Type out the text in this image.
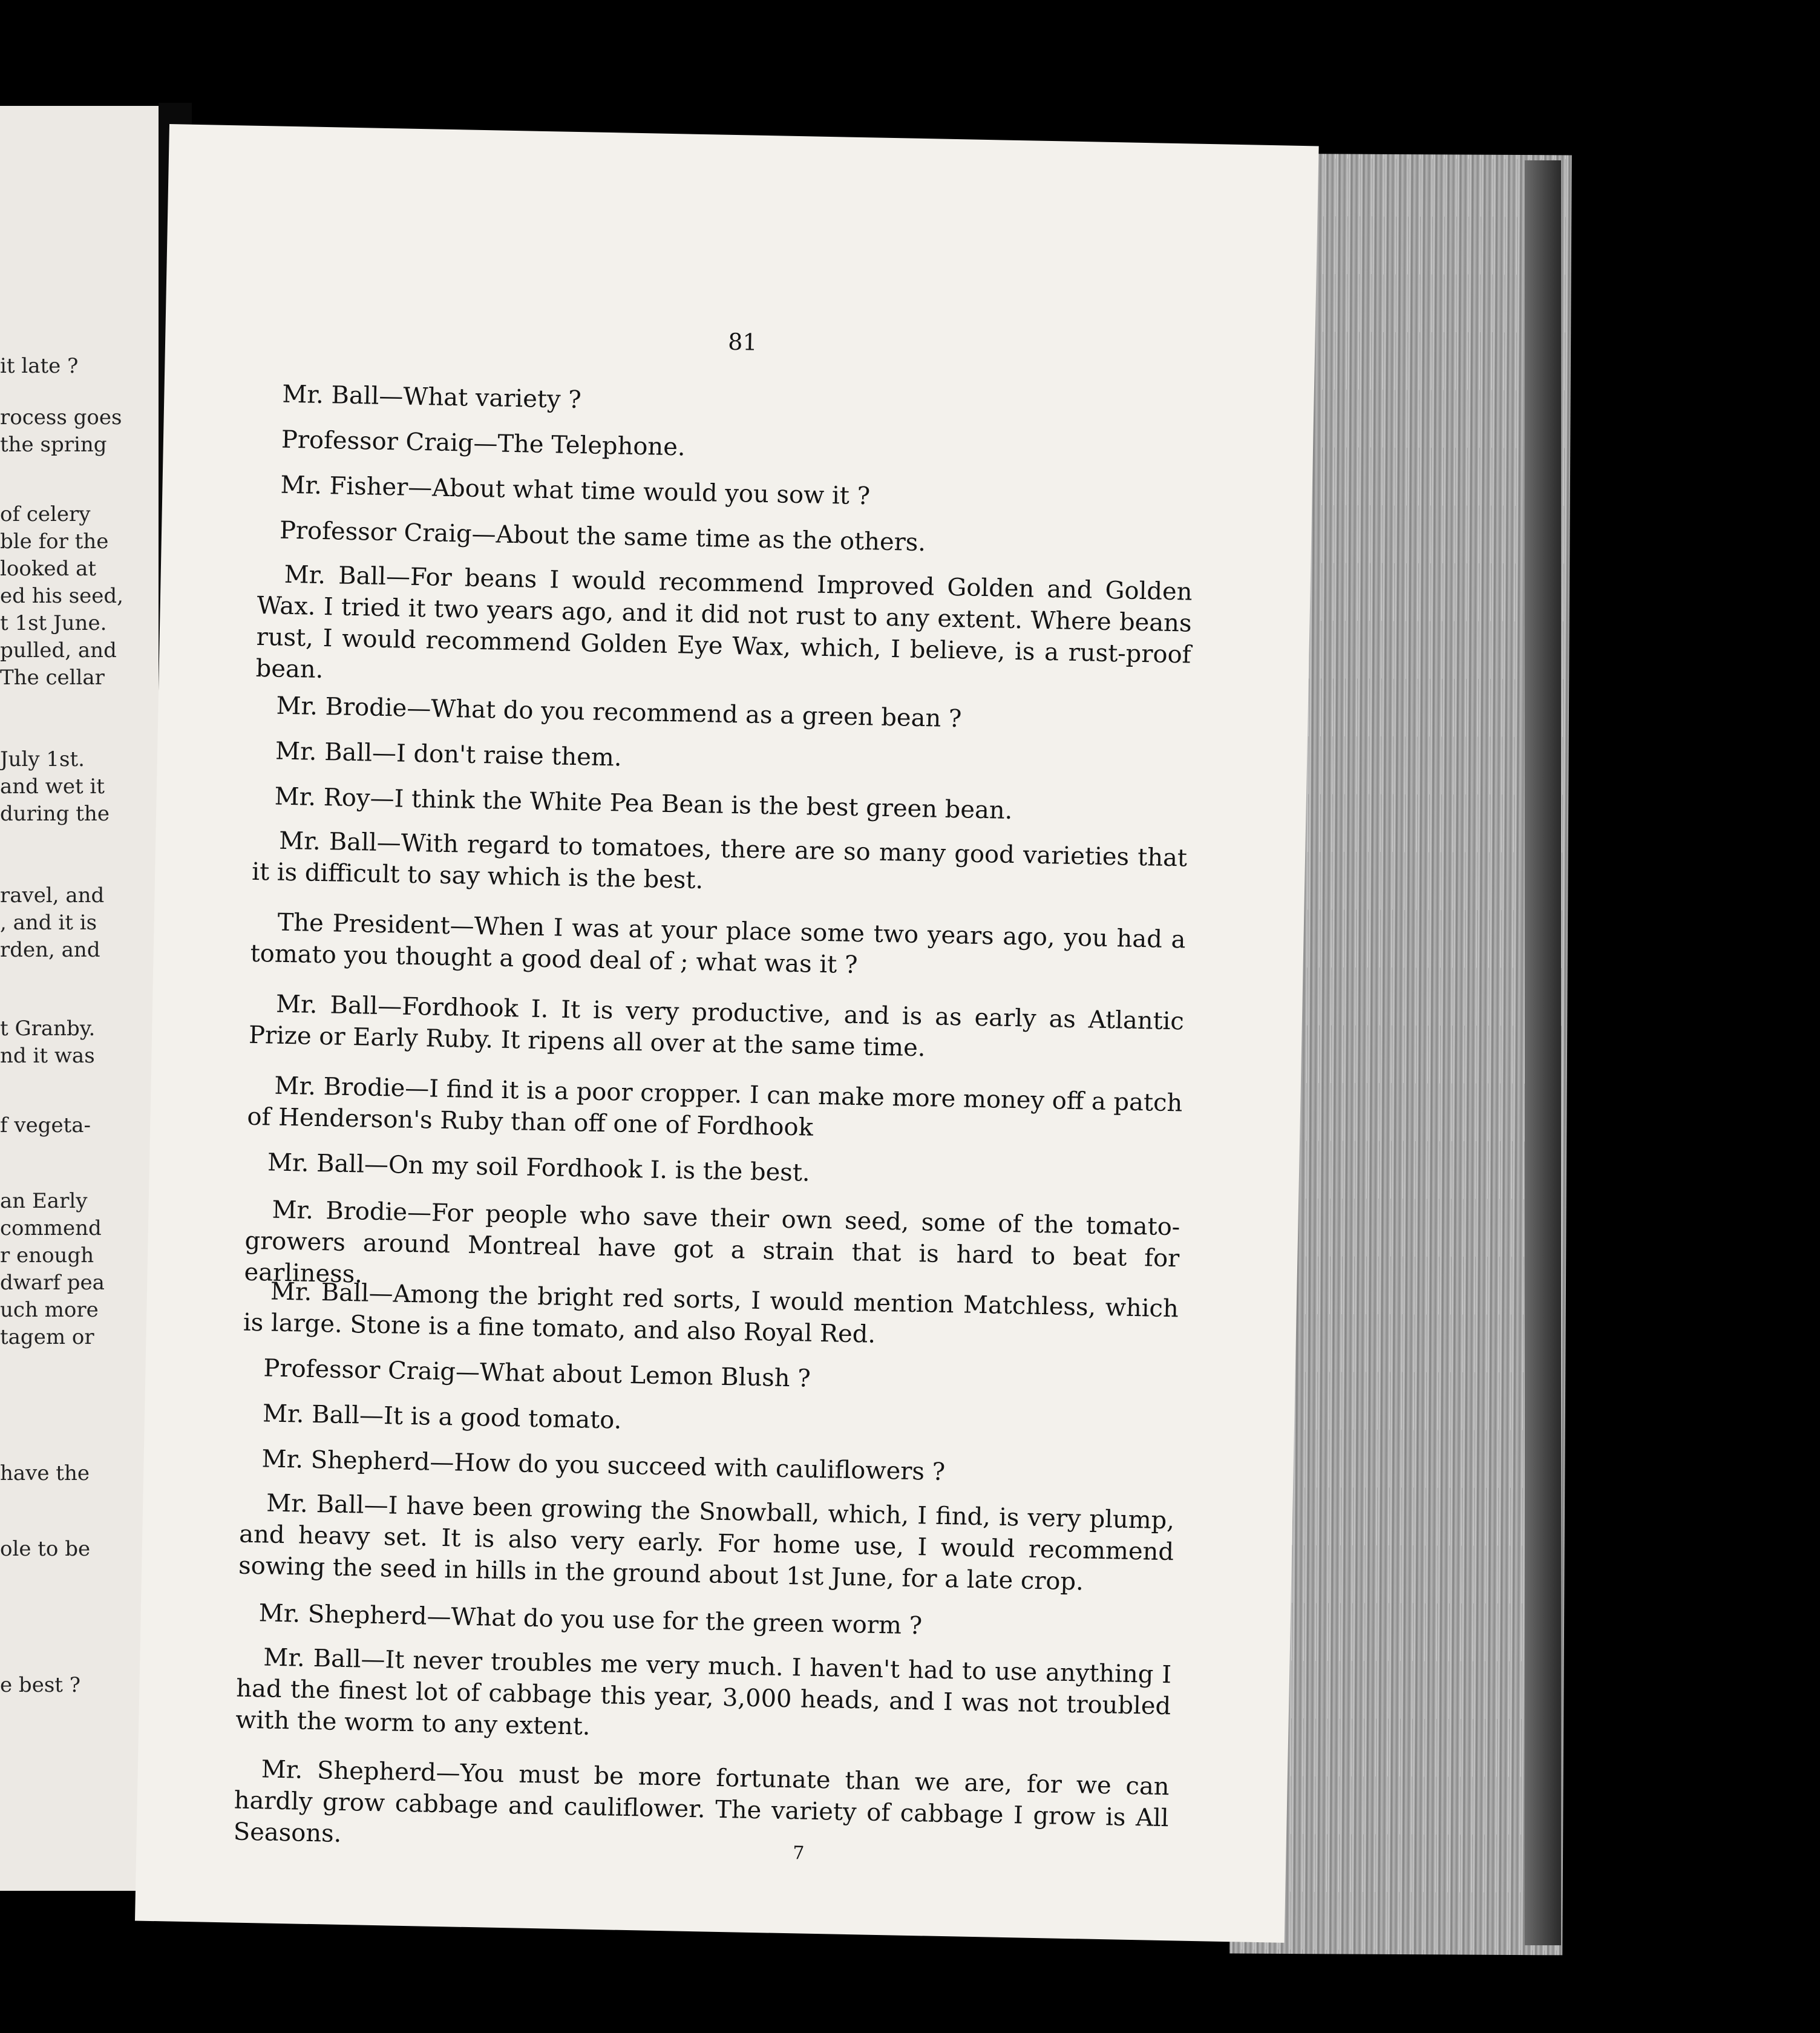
it late ?
rocess goes
the spring
of celery
ble for the
looked at
ed his seed,
t 1st June.
pulled, and
The cellar
July 1st.
and wet it
during the
ravel, and
, and it is
rden, and
t Granby.
nd it was
f vegeta-
an Early
commend
r enough
dwarf pea
uch more
tagem or
have the
ole to be
e best ?
81
Mr. Ball—What variety ?
Professor Craig—The Telephone.
Mr. Fisher—About what time would you sow it ?
Professor Craig—About the same time as the others.
Mr. Ball—For beans I would recommend Improved Golden and Golden Wax. I tried it two years ago, and it did not rust to any extent. Where beans rust, I would recommend Golden Eye Wax, which, I believe, is a rust-proof bean.
Mr. Brodie—What do you recommend as a green bean ?
Mr. Ball—I don't raise them.
Mr. Roy—I think the White Pea Bean is the best green bean.
Mr. Ball—With regard to tomatoes, there are so many good varieties that it is difficult to say which is the best.
The President—When I was at your place some two years ago, you had a tomato you thought a good deal of ; what was it ?
Mr. Ball—Fordhook I. It is very productive, and is as early as Atlantic Prize or Early Ruby. It ripens all over at the same time.
Mr. Brodie—I find it is a poor cropper. I can make more money off a patch of Henderson's Ruby than off one of Fordhook
Mr. Ball—On my soil Fordhook I. is the best.
Mr. Brodie—For people who save their own seed, some of the tomato-growers around Montreal have got a strain that is hard to beat for earliness.
Mr. Ball—Among the bright red sorts, I would mention Matchless, which is large. Stone is a fine tomato, and also Royal Red.
Professor Craig—What about Lemon Blush ?
Mr. Ball—It is a good tomato.
Mr. Shepherd—How do you succeed with cauliflowers ?
Mr. Ball—I have been growing the Snowball, which, I find, is very plump, and heavy set. It is also very early. For home use, I would recommend sowing the seed in hills in the ground about 1st June, for a late crop.
Mr. Shepherd—What do you use for the green worm ?
Mr. Ball—It never troubles me very much. I haven't had to use anything I had the finest lot of cabbage this year, 3,000 heads, and I was not troubled with the worm to any extent.
Mr. Shepherd—You must be more fortunate than we are, for we can hardly grow cabbage and cauliflower. The variety of cabbage I grow is All Seasons.
7
